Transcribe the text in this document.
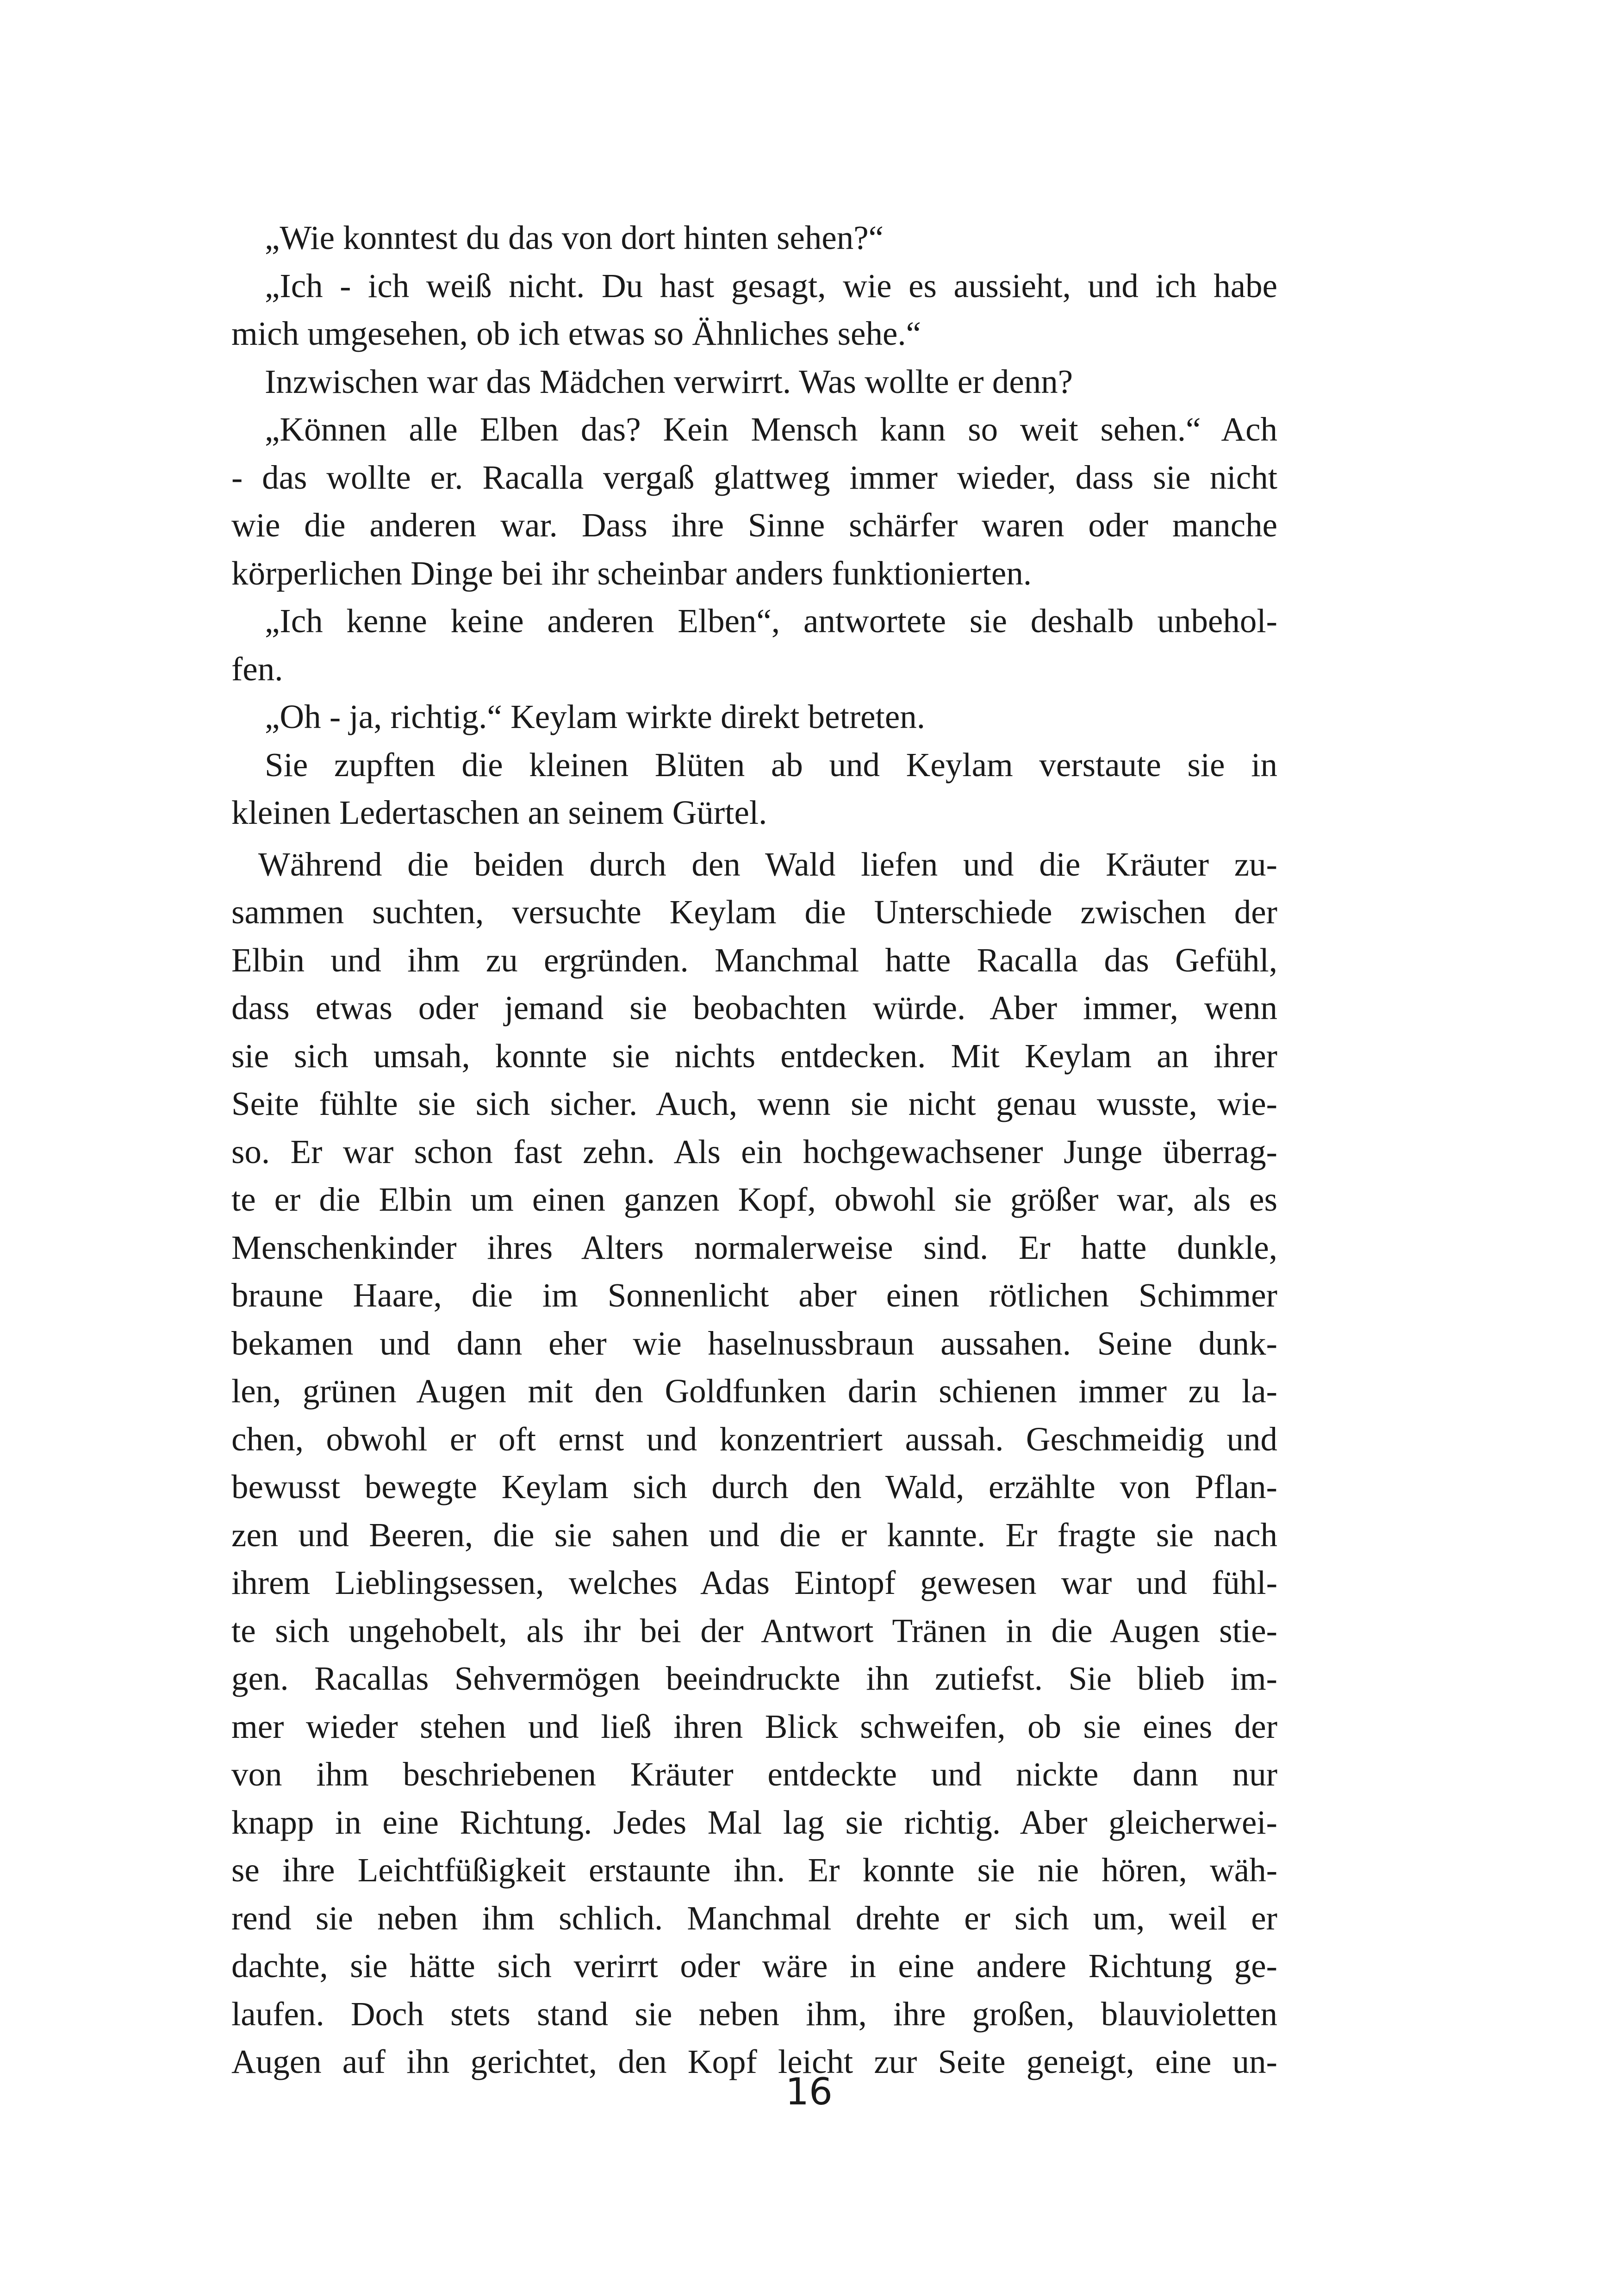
„Wie konntest du das von dort hinten sehen?“
„Ich - ich weiß nicht. Du hast gesagt, wie es aussieht, und ich habe
mich umgesehen, ob ich etwas so Ähnliches sehe.“
Inzwischen war das Mädchen verwirrt. Was wollte er denn?
„Können alle Elben das? Kein Mensch kann so weit sehen.“ Ach
- das wollte er. Racalla vergaß glattweg immer wieder, dass sie nicht
wie die anderen war. Dass ihre Sinne schärfer waren oder manche
körperlichen Dinge bei ihr scheinbar anders funktionierten.
„Ich kenne keine anderen Elben“, antwortete sie deshalb unbehol-
fen.
„Oh - ja, richtig.“ Keylam wirkte direkt betreten.
Sie zupften die kleinen Blüten ab und Keylam verstaute sie in
kleinen Ledertaschen an seinem Gürtel.
Während die beiden durch den Wald liefen und die Kräuter zu-
sammen suchten, versuchte Keylam die Unterschiede zwischen der
Elbin und ihm zu ergründen. Manchmal hatte Racalla das Gefühl,
dass etwas oder jemand sie beobachten würde. Aber immer, wenn
sie sich umsah, konnte sie nichts entdecken. Mit Keylam an ihrer
Seite fühlte sie sich sicher. Auch, wenn sie nicht genau wusste, wie-
so. Er war schon fast zehn. Als ein hochgewachsener Junge überrag-
te er die Elbin um einen ganzen Kopf, obwohl sie größer war, als es
Menschenkinder ihres Alters normalerweise sind. Er hatte dunkle,
braune Haare, die im Sonnenlicht aber einen rötlichen Schimmer
bekamen und dann eher wie haselnussbraun aussahen. Seine dunk-
len, grünen Augen mit den Goldfunken darin schienen immer zu la-
chen, obwohl er oft ernst und konzentriert aussah. Geschmeidig und
bewusst bewegte Keylam sich durch den Wald, erzählte von Pflan-
zen und Beeren, die sie sahen und die er kannte. Er fragte sie nach
ihrem Lieblingsessen, welches Adas Eintopf gewesen war und fühl-
te sich ungehobelt, als ihr bei der Antwort Tränen in die Augen stie-
gen. Racallas Sehvermögen beeindruckte ihn zutiefst. Sie blieb im-
mer wieder stehen und ließ ihren Blick schweifen, ob sie eines der
von ihm beschriebenen Kräuter entdeckte und nickte dann nur
knapp in eine Richtung. Jedes Mal lag sie richtig. Aber gleicherwei-
se ihre Leichtfüßigkeit erstaunte ihn. Er konnte sie nie hören, wäh-
rend sie neben ihm schlich. Manchmal drehte er sich um, weil er
dachte, sie hätte sich verirrt oder wäre in eine andere Richtung ge-
laufen. Doch stets stand sie neben ihm, ihre großen, blauvioletten
Augen auf ihn gerichtet, den Kopf leicht zur Seite geneigt, eine un-
16
